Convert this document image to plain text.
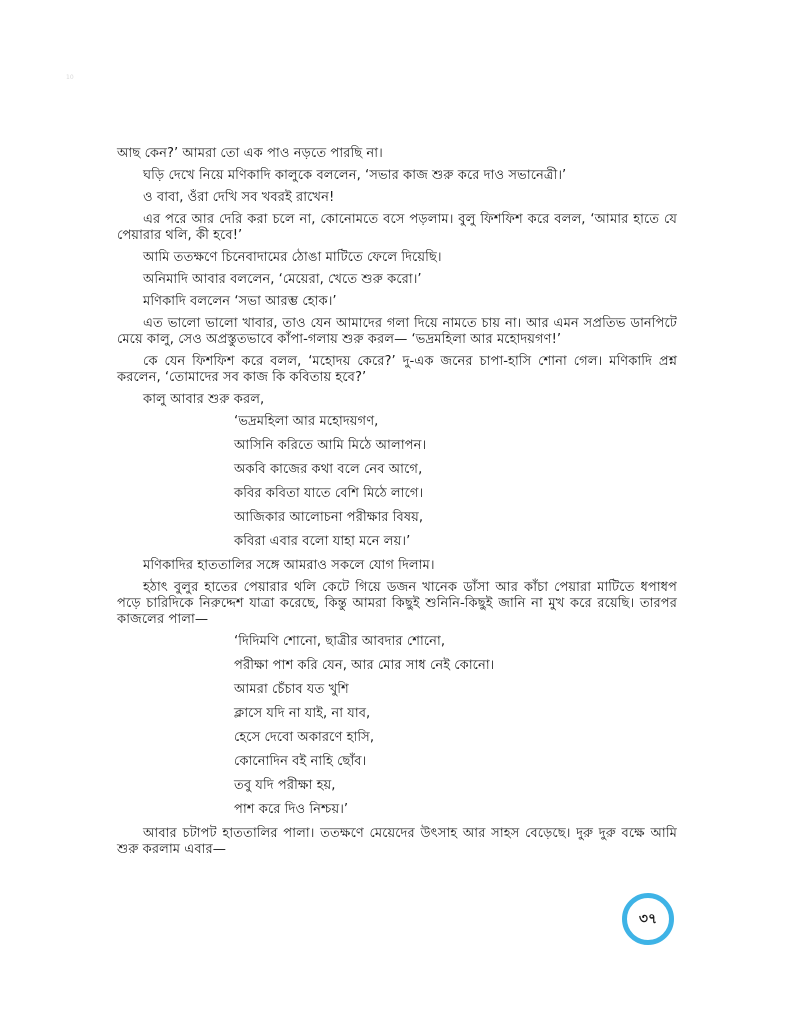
10

আছ কেন?’ আমরা তো এক পাও নড়তে পারছি না।

ঘড়ি দেখে নিয়ে মণিকাদি কালুকে বললেন, ‘সভার কাজ শুরু করে দাও সভানেত্রী।’

ও বাবা, ওঁরা দেখি সব খবরই রাখেন!

এর পরে আর দেরি করা চলে না, কোনোমতে বসে পড়লাম। বুলু ফিশফিশ করে বলল, ‘আমার হাতে যে পেয়ারার থলি, কী হবে!’

আমি ততক্ষণে চিনেবাদামের ঠোঙা মাটিতে ফেলে দিয়েছি।

অনিমাদি আবার বললেন, ‘মেয়েরা, খেতে শুরু করো।’

মণিকাদি বললেন ‘সভা আরম্ভ হোক।’

এত ভালো ভালো খাবার, তাও যেন আমাদের গলা দিয়ে নামতে চায় না। আর এমন সপ্রতিভ ডানপিটে মেয়ে কালু, সেও অপ্রস্তুতভাবে কাঁপা-গলায় শুরু করল— ‘ভদ্রমহিলা আর মহোদয়গণ!’

কে যেন ফিশফিশ করে বলল, ‘মহোদয় কেরে?’ দু-এক জনের চাপা-হাসি শোনা গেল। মণিকাদি প্রশ্ন করলেন, ‘তোমাদের সব কাজ কি কবিতায় হবে?’

কালু আবার শুরু করল,

‘ভদ্রমহিলা আর মহোদয়গণ,
আসিনি করিতে আমি মিঠে আলাপন।
অকবি কাজের কথা বলে নেব আগে,
কবির কবিতা যাতে বেশি মিঠে লাগে।
আজিকার আলোচনা পরীক্ষার বিষয়,
কবিরা এবার বলো যাহা মনে লয়।’

মণিকাদির হাততালির সঙ্গে আমরাও সকলে যোগ দিলাম।

হঠাৎ বুলুর হাতের পেয়ারার থলি কেটে গিয়ে ডজন খানেক ডাঁসা আর কাঁচা পেয়ারা মাটিতে ধপাধপ পড়ে চারিদিকে নিরুদ্দেশ যাত্রা করেছে, কিন্তু আমরা কিছুই শুনিনি-কিছুই জানি না মুখ করে রয়েছি। তারপর কাজলের পালা—

‘দিদিমণি শোনো, ছাত্রীর আবদার শোনো,
পরীক্ষা পাশ করি যেন, আর মোর সাধ নেই কোনো।
আমরা চেঁচাব যত খুশি
ক্লাসে যদি না যাই, না যাব,
হেসে দেবো অকারণে হাসি,
কোনোদিন বই নাহি ছোঁব।
তবু যদি পরীক্ষা হয়,
পাশ করে দিও নিশ্চয়।’

আবার চটাপট হাততালির পালা। ততক্ষণে মেয়েদের উৎসাহ আর সাহস বেড়েছে। দুরু দুরু বক্ষে আমি শুরু করলাম এবার—

৩৭
